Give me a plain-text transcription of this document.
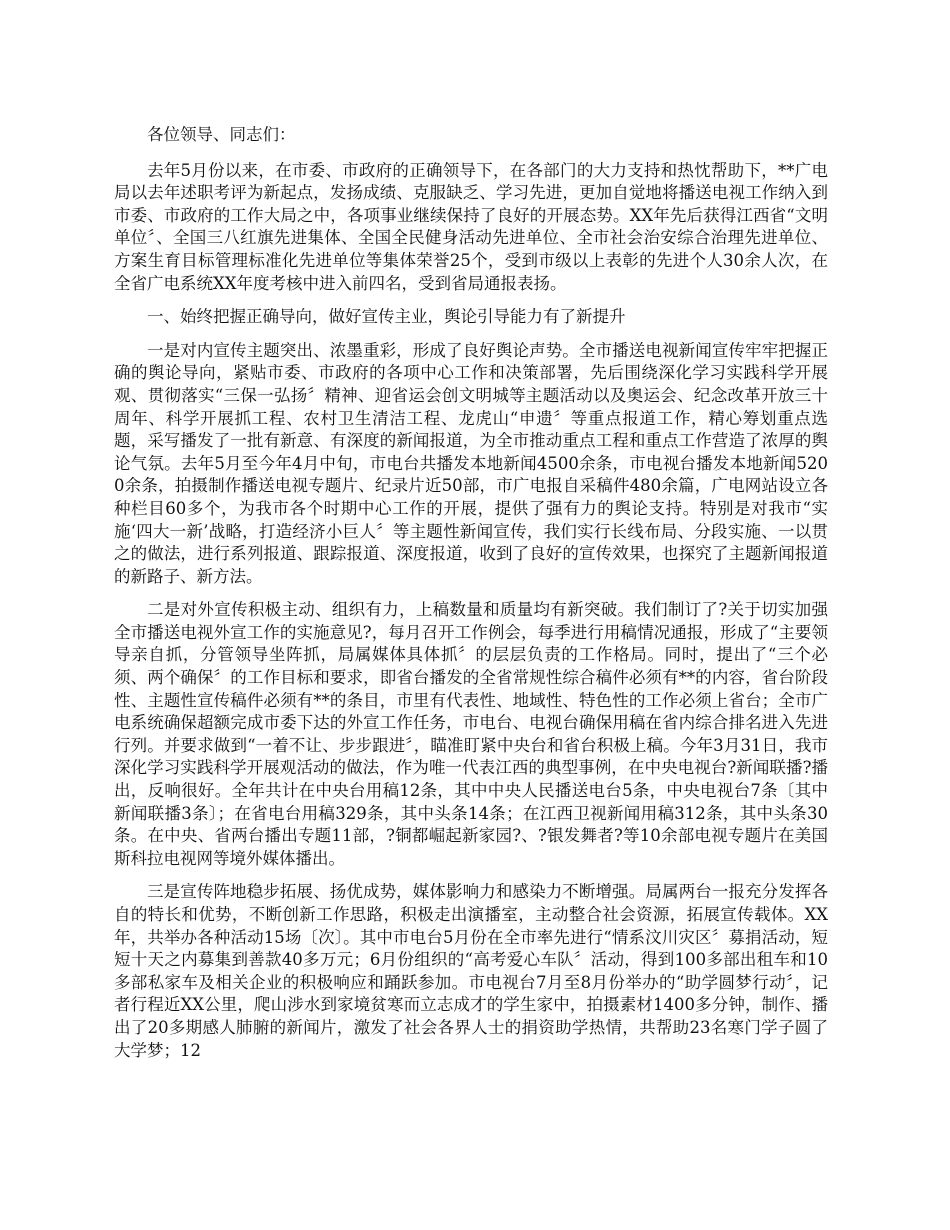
各位领导、同志们：

去年5月份以来，在市委、市政府的正确领导下，在各部门的大力支持和热忱帮助下，**广电局以去年述职考评为新起点，发扬成绩、克服缺乏、学习先进，更加自觉地将播送电视工作纳入到市委、市政府的工作大局之中，各项事业继续保持了良好的开展态势。XX年先后获得江西省“文明单位〞、全国三八红旗先进集体、全国全民健身活动先进单位、全市社会治安综合治理先进单位、方案生育目标管理标准化先进单位等集体荣誉25个，受到市级以上表彰的先进个人30余人次，在全省广电系统XX年度考核中进入前四名，受到省局通报表扬。

一、始终把握正确导向，做好宣传主业，舆论引导能力有了新提升

一是对内宣传主题突出、浓墨重彩，形成了良好舆论声势。全市播送电视新闻宣传牢牢把握正确的舆论导向，紧贴市委、市政府的各项中心工作和决策部署，先后围绕深化学习实践科学开展观、贯彻落实“三保一弘扬〞精神、迎省运会创文明城等主题活动以及奥运会、纪念改革开放三十周年、科学开展抓工程、农村卫生清洁工程、龙虎山“申遗〞等重点报道工作，精心筹划重点选题，采写播发了一批有新意、有深度的新闻报道，为全市推动重点工程和重点工作营造了浓厚的舆论气氛。去年5月至今年4月中旬，市电台共播发本地新闻4500余条，市电视台播发本地新闻5200余条，拍摄制作播送电视专题片、纪录片近50部，市广电报自采稿件480余篇，广电网站设立各种栏目60多个，为我市各个时期中心工作的开展，提供了强有力的舆论支持。特别是对我市“实施‘四大一新’战略，打造经济小巨人〞等主题性新闻宣传，我们实行长线布局、分段实施、一以贯之的做法，进行系列报道、跟踪报道、深度报道，收到了良好的宣传效果，也探究了主题新闻报道的新路子、新方法。

二是对外宣传积极主动、组织有力，上稿数量和质量均有新突破。我们制订了?关于切实加强全市播送电视外宣工作的实施意见?，每月召开工作例会，每季进行用稿情况通报，形成了“主要领导亲自抓，分管领导坐阵抓，局属媒体具体抓〞的层层负责的工作格局。同时，提出了“三个必须、两个确保〞的工作目标和要求，即省台播发的全省常规性综合稿件必须有**的内容，省台阶段性、主题性宣传稿件必须有**的条目，市里有代表性、地域性、特色性的工作必须上省台；全市广电系统确保超额完成市委下达的外宣工作任务，市电台、电视台确保用稿在省内综合排名进入先进行列。并要求做到“一着不让、步步跟进〞，瞄准盯紧中央台和省台积极上稿。今年3月31日，我市深化学习实践科学开展观活动的做法，作为唯一代表江西的典型事例，在中央电视台?新闻联播?播出，反响很好。全年共计在中央台用稿12条，其中中央人民播送电台5条，中央电视台7条〔其中新闻联播3条〕；在省电台用稿329条，其中头条14条；在江西卫视新闻用稿312条，其中头条30条。在中央、省两台播出专题11部，?铜都崛起新家园?、?银发舞者?等10余部电视专题片在美国斯科拉电视网等境外媒体播出。

三是宣传阵地稳步拓展、扬优成势，媒体影响力和感染力不断增强。局属两台一报充分发挥各自的特长和优势，不断创新工作思路，积极走出演播室，主动整合社会资源，拓展宣传载体。XX年，共举办各种活动15场〔次〕。其中市电台5月份在全市率先进行“情系汶川灾区〞募捐活动，短短十天之内募集到善款40多万元；6月份组织的“高考爱心车队〞活动，得到100多部出租车和10多部私家车及相关企业的积极响应和踊跃参加。市电视台7月至8月份举办的“助学圆梦行动〞，记者行程近XX公里，爬山涉水到家境贫寒而立志成才的学生家中，拍摄素材1400多分钟，制作、播出了20多期感人肺腑的新闻片，激发了社会各界人士的捐资助学热情，共帮助23名寒门学子圆了大学梦；12
